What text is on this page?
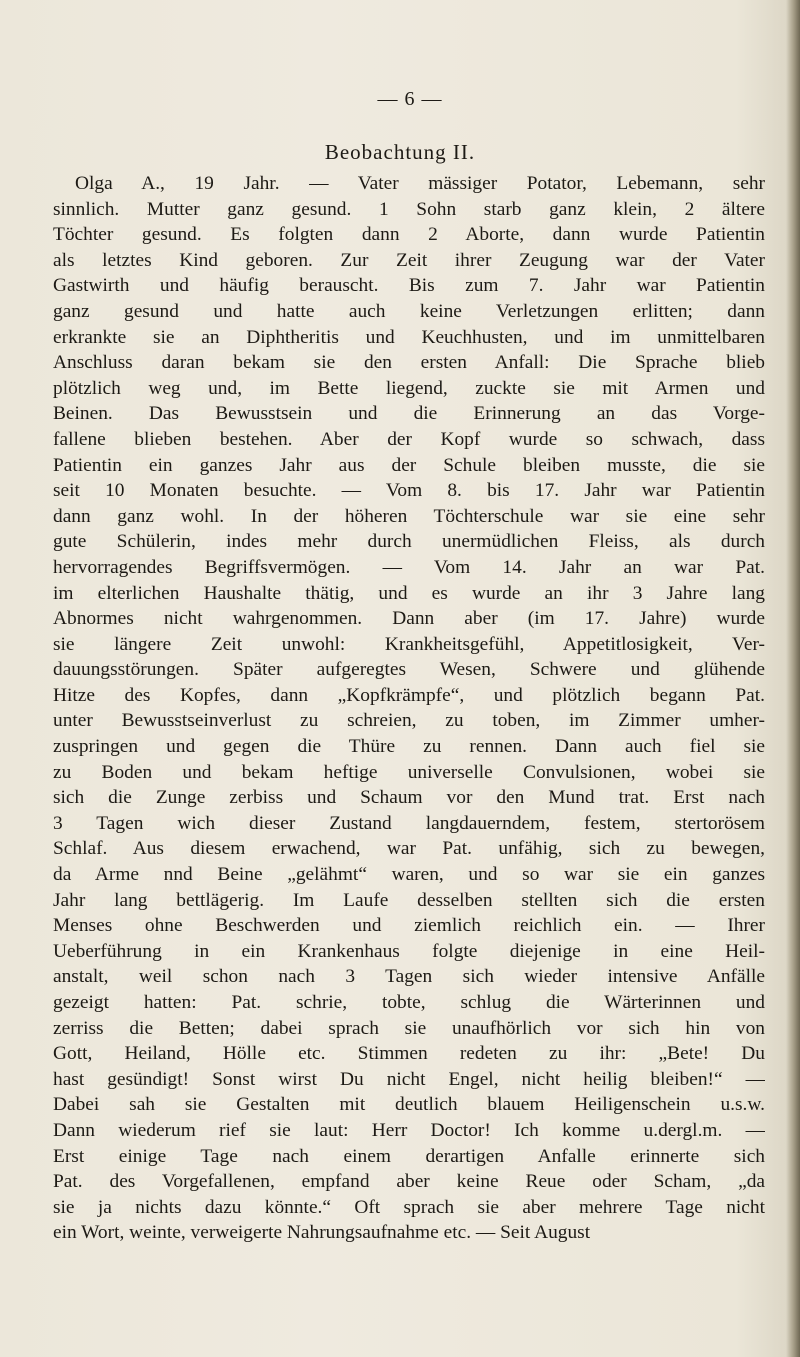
— 6 —
Beobachtung II.
Olga A., 19 Jahr. — Vater mässiger Potator, Lebemann, sehr
sinnlich. Mutter ganz gesund. 1 Sohn starb ganz klein, 2 ältere
Töchter gesund. Es folgten dann 2 Aborte, dann wurde Patientin
als letztes Kind geboren. Zur Zeit ihrer Zeugung war der Vater
Gastwirth und häufig berauscht. Bis zum 7. Jahr war Patientin
ganz gesund und hatte auch keine Verletzungen erlitten; dann
erkrankte sie an Diphtheritis und Keuchhusten, und im unmittelbaren
Anschluss daran bekam sie den ersten Anfall: Die Sprache blieb
plötzlich weg und, im Bette liegend, zuckte sie mit Armen und
Beinen. Das Bewusstsein und die Erinnerung an das Vorge-
fallene blieben bestehen. Aber der Kopf wurde so schwach, dass
Patientin ein ganzes Jahr aus der Schule bleiben musste, die sie
seit 10 Monaten besuchte. — Vom 8. bis 17. Jahr war Patientin
dann ganz wohl. In der höheren Töchterschule war sie eine sehr
gute Schülerin, indes mehr durch unermüdlichen Fleiss, als durch
hervorragendes Begriffsvermögen. — Vom 14. Jahr an war Pat.
im elterlichen Haushalte thätig, und es wurde an ihr 3 Jahre lang
Abnormes nicht wahrgenommen. Dann aber (im 17. Jahre) wurde
sie längere Zeit unwohl: Krankheitsgefühl, Appetitlosigkeit, Ver-
dauungsstörungen. Später aufgeregtes Wesen, Schwere und glühende
Hitze des Kopfes, dann „Kopfkrämpfe“, und plötzlich begann Pat.
unter Bewusstseinverlust zu schreien, zu toben, im Zimmer umher-
zuspringen und gegen die Thüre zu rennen. Dann auch fiel sie
zu Boden und bekam heftige universelle Convulsionen, wobei sie
sich die Zunge zerbiss und Schaum vor den Mund trat. Erst nach
3 Tagen wich dieser Zustand langdauerndem, festem, stertorösem
Schlaf. Aus diesem erwachend, war Pat. unfähig, sich zu bewegen,
da Arme nnd Beine „gelähmt“ waren, und so war sie ein ganzes
Jahr lang bettlägerig. Im Laufe desselben stellten sich die ersten
Menses ohne Beschwerden und ziemlich reichlich ein. — Ihrer
Ueberführung in ein Krankenhaus folgte diejenige in eine Heil-
anstalt, weil schon nach 3 Tagen sich wieder intensive Anfälle
gezeigt hatten: Pat. schrie, tobte, schlug die Wärterinnen und
zerriss die Betten; dabei sprach sie unaufhörlich vor sich hin von
Gott, Heiland, Hölle etc. Stimmen redeten zu ihr: „Bete! Du
hast gesündigt! Sonst wirst Du nicht Engel, nicht heilig bleiben!“ —
Dabei sah sie Gestalten mit deutlich blauem Heiligenschein u.s.w.
Dann wiederum rief sie laut: Herr Doctor! Ich komme u.dergl.m. —
Erst einige Tage nach einem derartigen Anfalle erinnerte sich
Pat. des Vorgefallenen, empfand aber keine Reue oder Scham, „da
sie ja nichts dazu könnte.“ Oft sprach sie aber mehrere Tage nicht
ein Wort, weinte, verweigerte Nahrungsaufnahme etc. — Seit August
